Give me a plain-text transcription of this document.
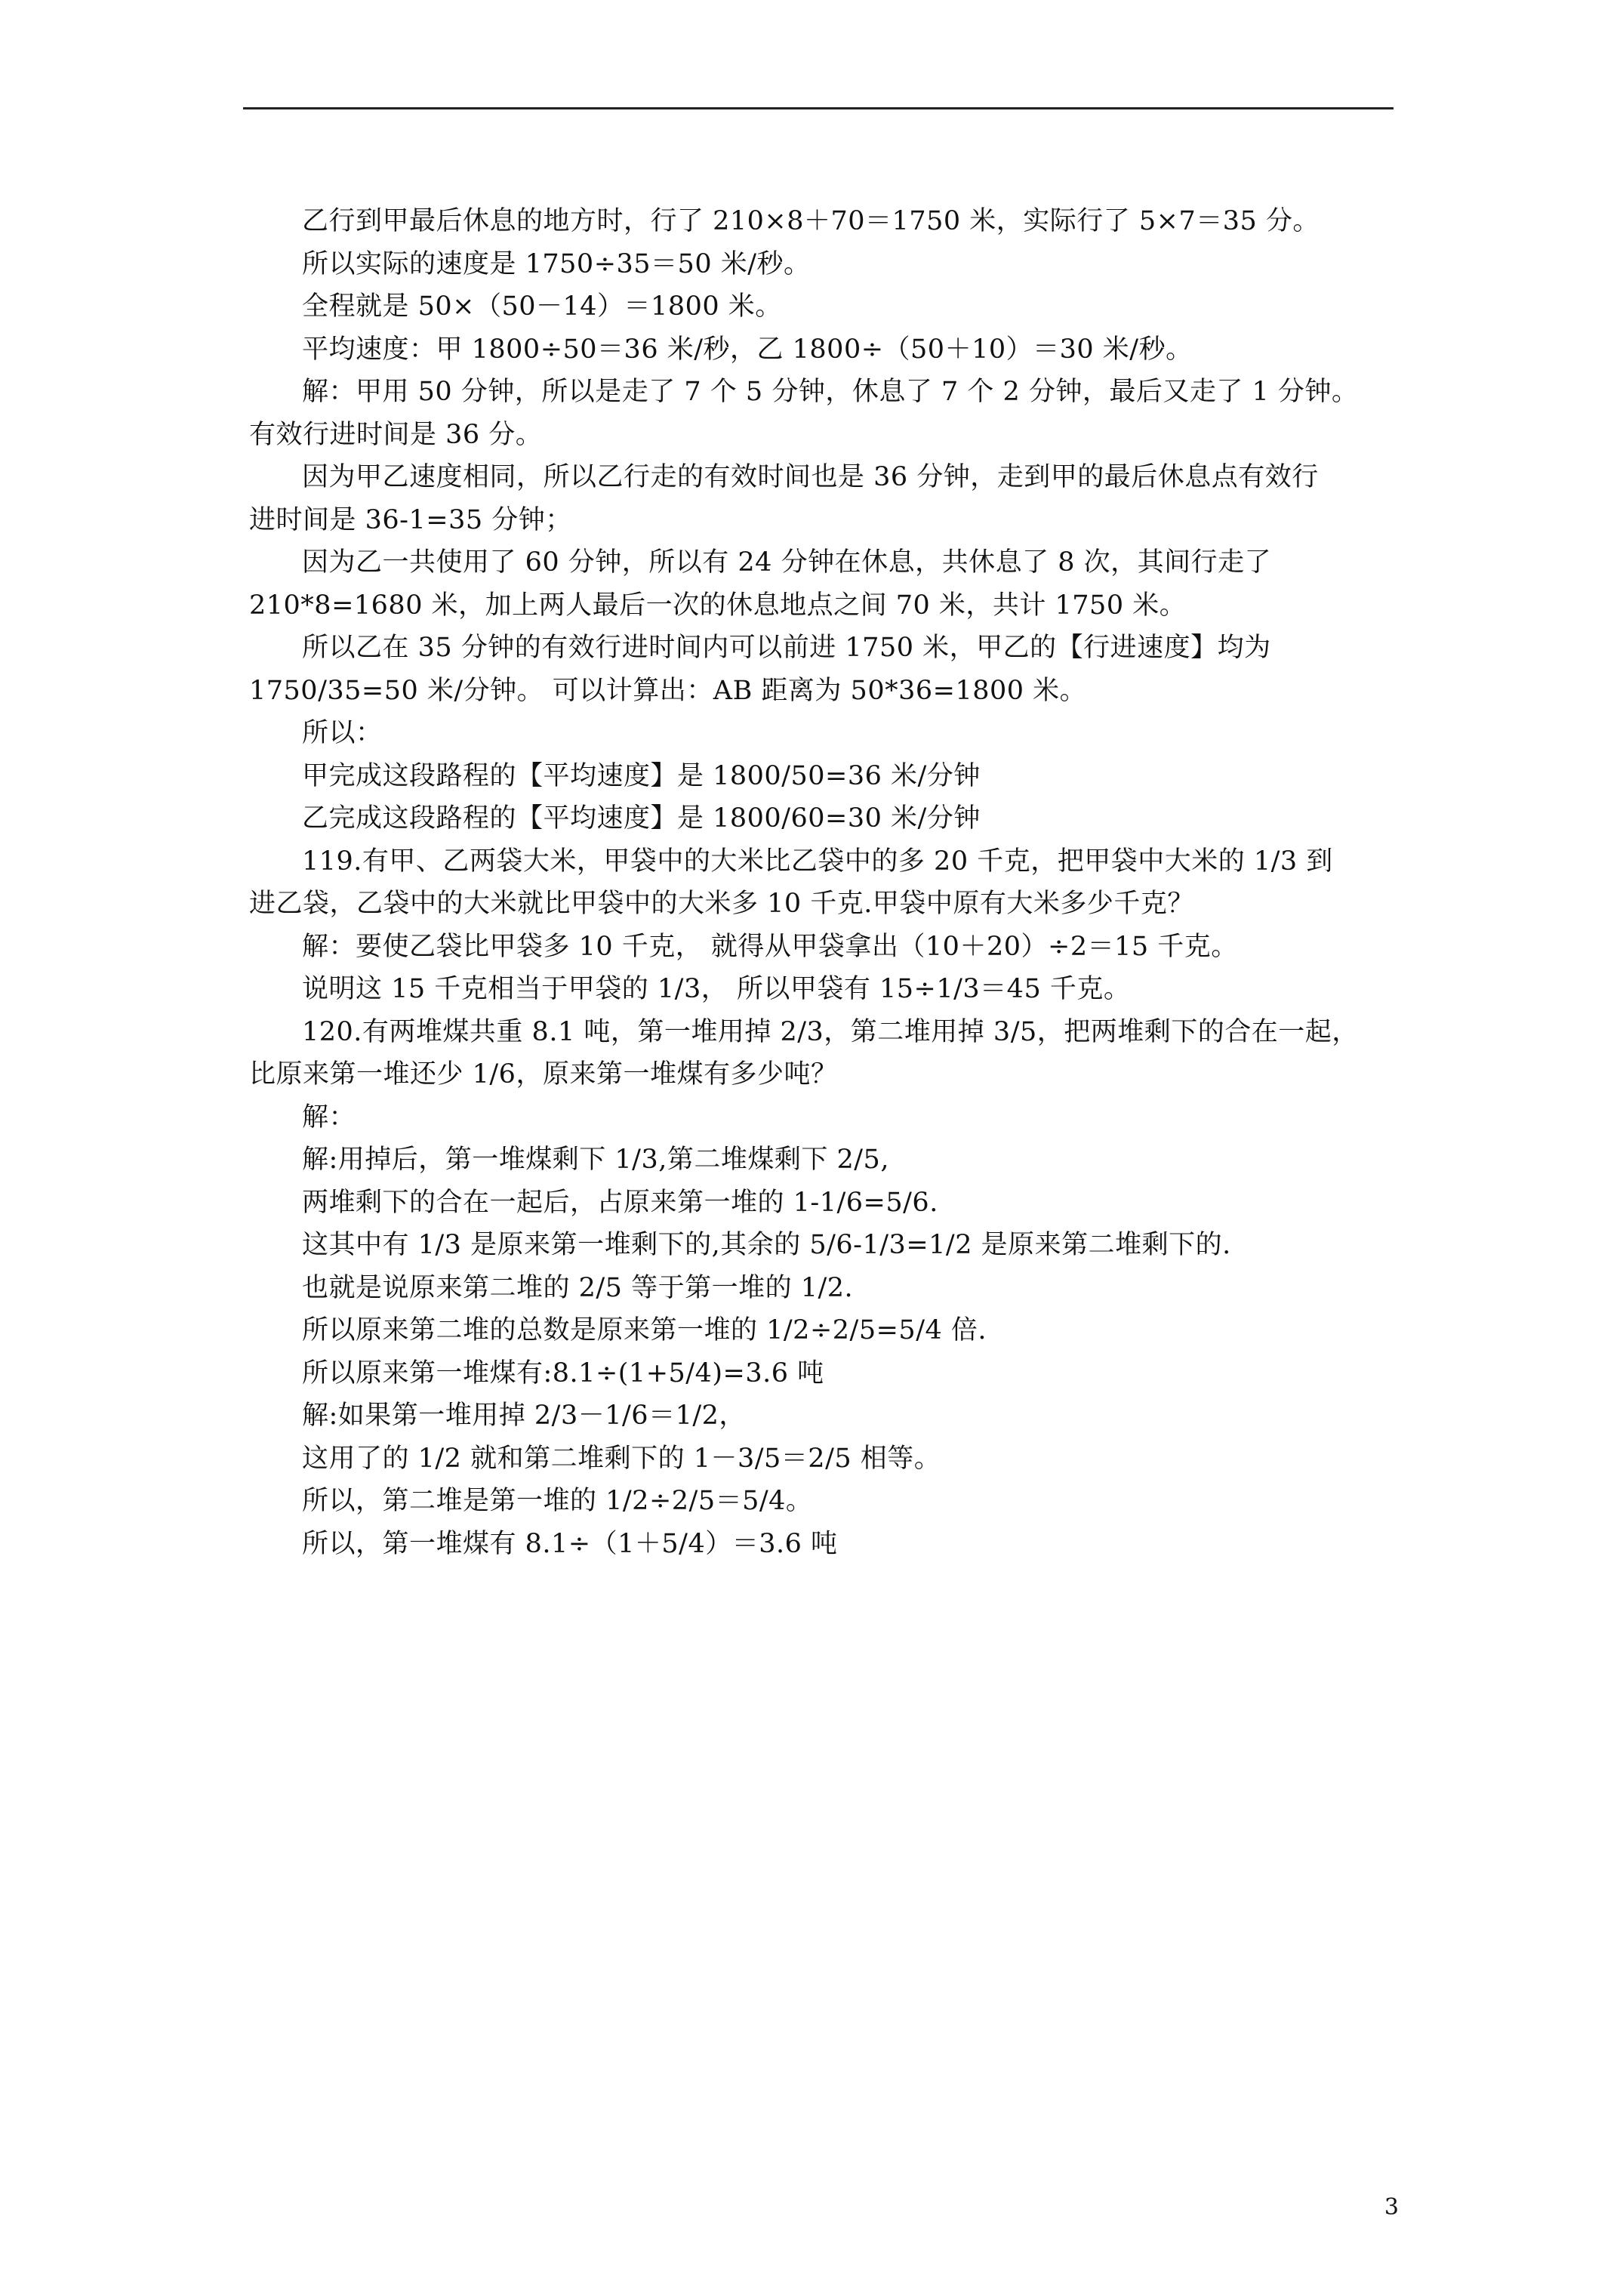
乙行到甲最后休息的地方时，行了 210×8＋70＝1750 米，实际行了 5×7＝35 分。
所以实际的速度是 1750÷35＝50 米/秒。
全程就是 50×（50－14）＝1800 米。
平均速度：甲 1800÷50＝36 米/秒，乙 1800÷（50＋10）＝30 米/秒。
解：甲用 50 分钟，所以是走了 7 个 5 分钟，休息了 7 个 2 分钟，最后又走了 1 分钟。
有效行进时间是 36 分。
因为甲乙速度相同，所以乙行走的有效时间也是 36 分钟，走到甲的最后休息点有效行
进时间是 36-1=35 分钟；
因为乙一共使用了 60 分钟，所以有 24 分钟在休息，共休息了 8 次，其间行走了
210*8=1680 米，加上两人最后一次的休息地点之间 70 米，共计 1750 米。
所以乙在 35 分钟的有效行进时间内可以前进 1750 米，甲乙的【行进速度】均为
1750/35=50 米/分钟。 可以计算出：AB 距离为 50*36=1800 米。
所以：
甲完成这段路程的【平均速度】是 1800/50=36 米/分钟
乙完成这段路程的【平均速度】是 1800/60=30 米/分钟
119.有甲、乙两袋大米，甲袋中的大米比乙袋中的多 20 千克，把甲袋中大米的 1/3 到
进乙袋，乙袋中的大米就比甲袋中的大米多 10 千克.甲袋中原有大米多少千克？
解：要使乙袋比甲袋多 10 千克， 就得从甲袋拿出（10＋20）÷2＝15 千克。
说明这 15 千克相当于甲袋的 1/3， 所以甲袋有 15÷1/3＝45 千克。
120.有两堆煤共重 8.1 吨，第一堆用掉 2/3，第二堆用掉 3/5，把两堆剩下的合在一起，
比原来第一堆还少 1/6，原来第一堆煤有多少吨？
解：
解:用掉后，第一堆煤剩下 1/3,第二堆煤剩下 2/5,
两堆剩下的合在一起后，占原来第一堆的 1-1/6=5/6.
这其中有 1/3 是原来第一堆剩下的,其余的 5/6-1/3=1/2 是原来第二堆剩下的.
也就是说原来第二堆的 2/5 等于第一堆的 1/2.
所以原来第二堆的总数是原来第一堆的 1/2÷2/5=5/4 倍.
所以原来第一堆煤有:8.1÷(1+5/4)=3.6 吨
解:如果第一堆用掉 2/3－1/6＝1/2，
这用了的 1/2 就和第二堆剩下的 1－3/5＝2/5 相等。
所以，第二堆是第一堆的 1/2÷2/5＝5/4。
所以，第一堆煤有 8.1÷（1＋5/4）＝3.6 吨
3
